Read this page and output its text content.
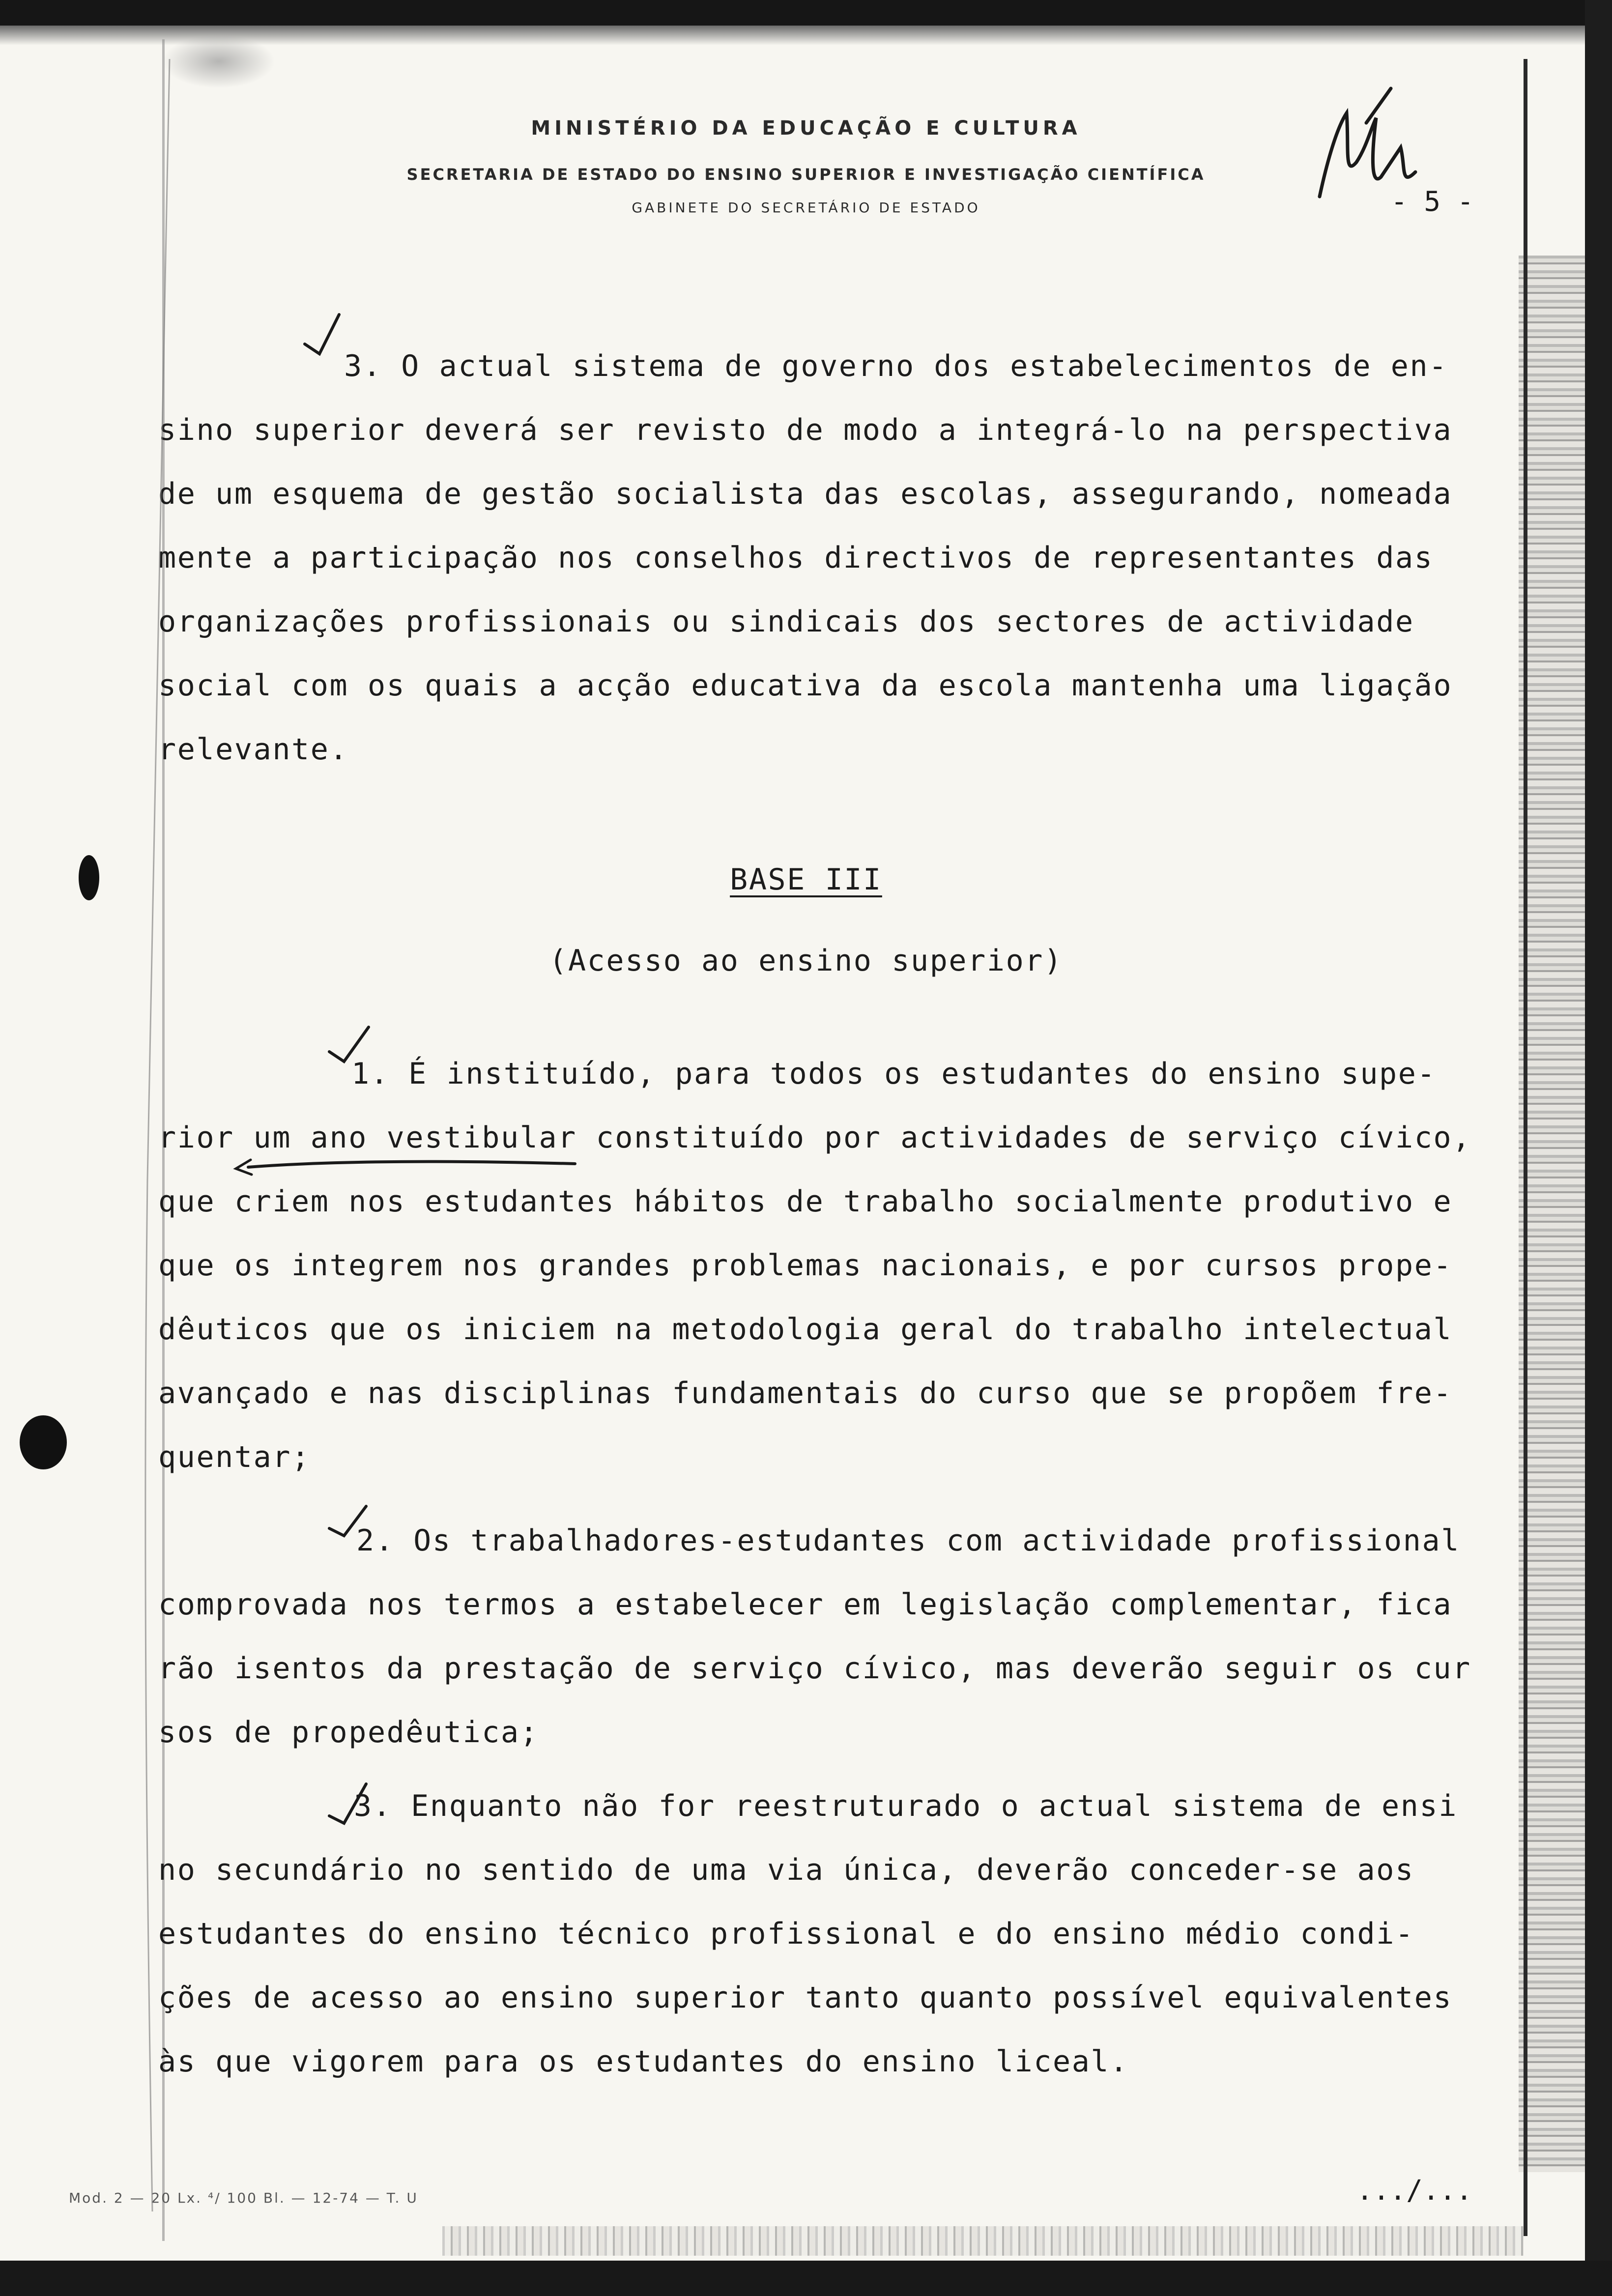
MINISTÉRIO DA EDUCAÇÃO E CULTURA
SECRETARIA DE ESTADO DO ENSINO SUPERIOR E INVESTIGAÇÃO CIENTÍFICA
GABINETE DO SECRETÁRIO DE ESTADO	- 5 -
3. O actual sistema de governo dos estabelecimentos de en-
sino superior deverá ser revisto de modo a integrá-lo na perspectiva
de um esquema de gestão socialista das escolas, assegurando, nomeada
mente a participação nos conselhos directivos de representantes das
organizações profissionais ou sindicais dos sectores de actividade
social com os quais a acção educativa da escola mantenha uma ligação
relevante.
BASE III
(Acesso ao ensino superior)
1. É instituído, para todos os estudantes do ensino supe-
rior um ano vestibular constituído por actividades de serviço cívico,
que criem nos estudantes hábitos de trabalho socialmente produtivo e
que os integrem nos grandes problemas nacionais, e por cursos prope-
dêuticos que os iniciem na metodologia geral do trabalho intelectual
avançado e nas disciplinas fundamentais do curso que se propõem fre-
quentar;
2. Os trabalhadores-estudantes com actividade profissional
comprovada nos termos a estabelecer em legislação complementar, fica
rão isentos da prestação de serviço cívico, mas deverão seguir os cur
sos de propedêutica;
3. Enquanto não for reestruturado o actual sistema de ensi
no secundário no sentido de uma via única, deverão conceder-se aos
estudantes do ensino técnico profissional e do ensino médio condi-
ções de acesso ao ensino superior tanto quanto possível equivalentes
às que vigorem para os estudantes do ensino liceal.
Mod. 2 — 20 Lx. ⁴/ 100 Bl. — 12-74 — T. U	.../...
